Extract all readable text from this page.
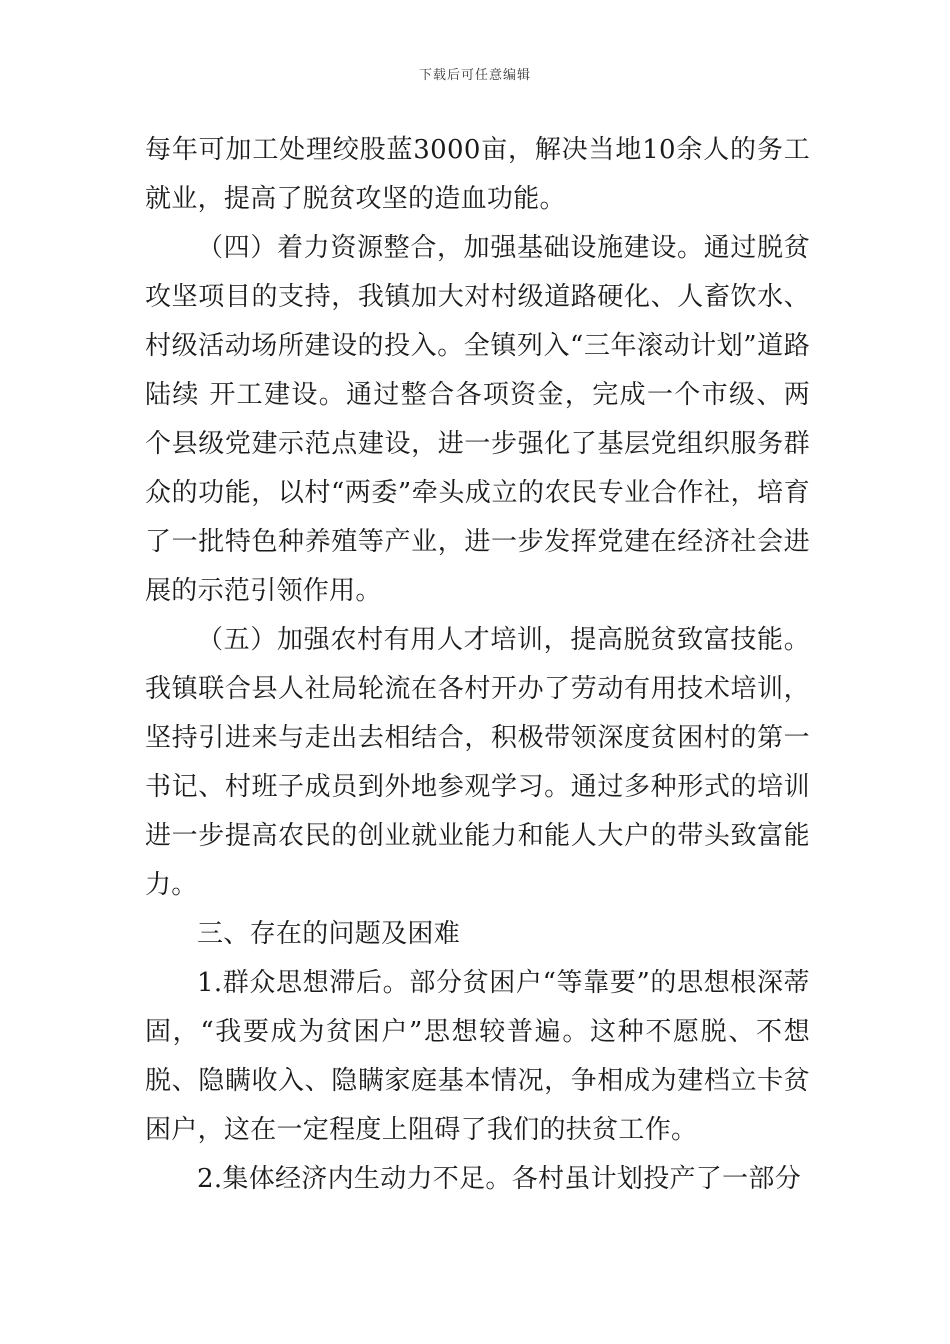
下载后可任意编辑

每年可加工处理绞股蓝3000亩，解决当地10余人的务工就业，提高了脱贫攻坚的造血功能。

（四）着力资源整合，加强基础设施建设。通过脱贫攻坚项目的支持，我镇加大对村级道路硬化、人畜饮水、村级活动场所建设的投入。全镇列入“三年滚动计划”道路陆续 开工建设。通过整合各项资金，完成一个市级、两个县级党建示范点建设，进一步强化了基层党组织服务群众的功能，以村“两委”牵头成立的农民专业合作社，培育了一批特色种养殖等产业，进一步发挥党建在经济社会进展的示范引领作用。

（五）加强农村有用人才培训，提高脱贫致富技能。我镇联合县人社局轮流在各村开办了劳动有用技术培训，坚持引进来与走出去相结合，积极带领深度贫困村的第一书记、村班子成员到外地参观学习。通过多种形式的培训进一步提高农民的创业就业能力和能人大户的带头致富能力。

三、存在的问题及困难

1.群众思想滞后。部分贫困户“等靠要”的思想根深蒂固，“我要成为贫困户”思想较普遍。这种不愿脱、不想脱、隐瞒收入、隐瞒家庭基本情况，争相成为建档立卡贫困户，这在一定程度上阻碍了我们的扶贫工作。

2.集体经济内生动力不足。各村虽计划投产了一部分
